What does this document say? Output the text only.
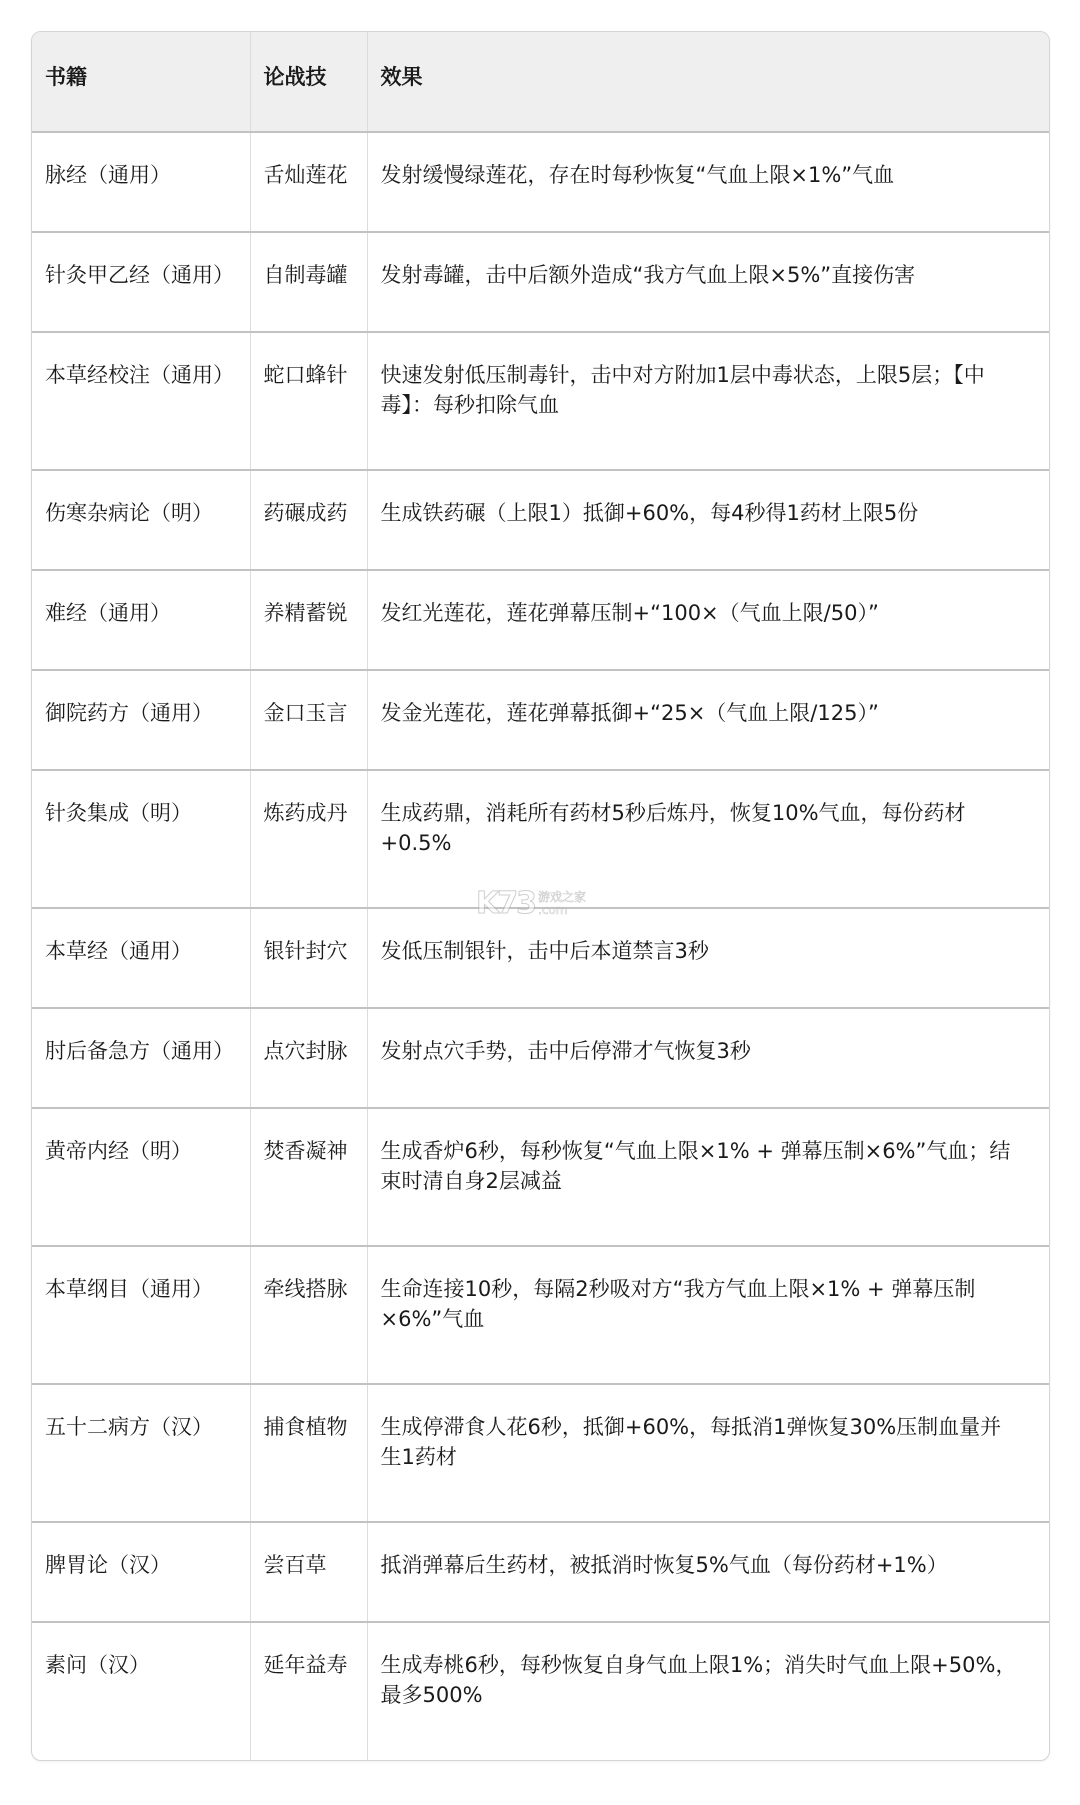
书籍	论战技	效果
脉经（通用）	舌灿莲花	发射缓慢绿莲花，存在时每秒恢复“气血上限×1%”气血

针灸甲乙经（通用）	自制毒罐	发射毒罐，击中后额外造成“我方气血上限×5%”直接伤害

本草经校注（通用）	蛇口蜂针	快速发射低压制毒针，击中对方附加1层中毒状态，上限5层；【中
毒】：每秒扣除气血

伤寒杂病论（明）	药碾成药	生成铁药碾（上限1）抵御+60%，每4秒得1药材上限5份

难经（通用）	养精蓄锐	发红光莲花，莲花弹幕压制+“100×（气血上限/50）”

御院药方（通用）	金口玉言	发金光莲花，莲花弹幕抵御+“25×（气血上限/125）”

针灸集成（明）	炼药成丹	生成药鼎，消耗所有药材5秒后炼丹，恢复10%气血，每份药材
+0.5%

本草经（通用）	银针封穴	发低压制银针，击中后本道禁言3秒

肘后备急方（通用）	点穴封脉	发射点穴手势，击中后停滞才气恢复3秒

黄帝内经（明）	焚香凝神	生成香炉6秒，每秒恢复“气血上限×1% + 弹幕压制×6%”气血；结
束时清自身2层减益

本草纲目（通用）	牵线搭脉	生命连接10秒，每隔2秒吸对方“我方气血上限×1% + 弹幕压制
×6%”气血

五十二病方（汉）	捕食植物	生成停滞食人花6秒，抵御+60%，每抵消1弹恢复30%压制血量并
生1药材

脾胃论（汉）	尝百草	抵消弹幕后生药材，被抵消时恢复5%气血（每份药材+1%）

素问（汉）	延年益寿	生成寿桃6秒，每秒恢复自身气血上限1%；消失时气血上限+50%，
最多500%
K73 游戏之家
.com
